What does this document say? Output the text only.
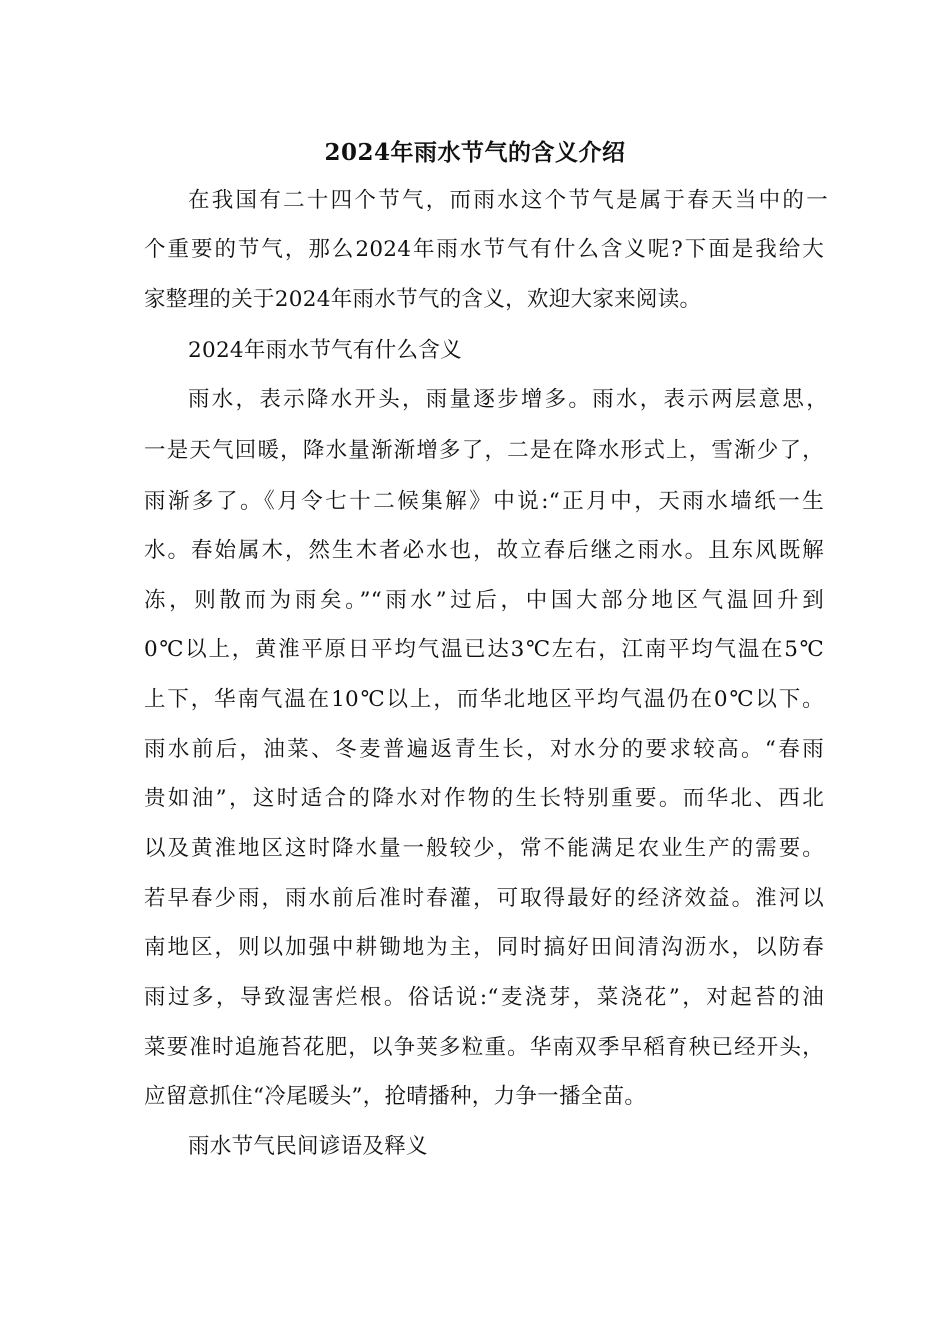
2024年雨水节气的含义介绍
在我国有二十四个节气，而雨水这个节气是属于春天当中的一
个重要的节气，那么2024年雨水节气有什么含义呢?下面是我给大
家整理的关于2024年雨水节气的含义，欢迎大家来阅读。
2024年雨水节气有什么含义
雨水，表示降水开头，雨量逐步增多。雨水，表示两层意思，
一是天气回暖，降水量渐渐增多了，二是在降水形式上，雪渐少了，
雨渐多了。《月令七十二候集解》中说:“正月中，天雨水墙纸一生
水。春始属木，然生木者必水也，故立春后继之雨水。且东风既解
冻，则散而为雨矣。”“雨水”过后，中国大部分地区气温回升到
0℃以上，黄淮平原日平均气温已达3℃左右，江南平均气温在5℃
上下，华南气温在10℃以上，而华北地区平均气温仍在0℃以下。
雨水前后，油菜、冬麦普遍返青生长，对水分的要求较高。“春雨
贵如油”，这时适合的降水对作物的生长特别重要。而华北、西北
以及黄淮地区这时降水量一般较少，常不能满足农业生产的需要。
若早春少雨，雨水前后准时春灌，可取得最好的经济效益。淮河以
南地区，则以加强中耕锄地为主，同时搞好田间清沟沥水，以防春
雨过多，导致湿害烂根。俗话说:“麦浇芽，菜浇花”，对起苔的油
菜要准时追施苔花肥，以争荚多粒重。华南双季早稻育秧已经开头，
应留意抓住“冷尾暖头”，抢晴播种，力争一播全苗。
雨水节气民间谚语及释义
